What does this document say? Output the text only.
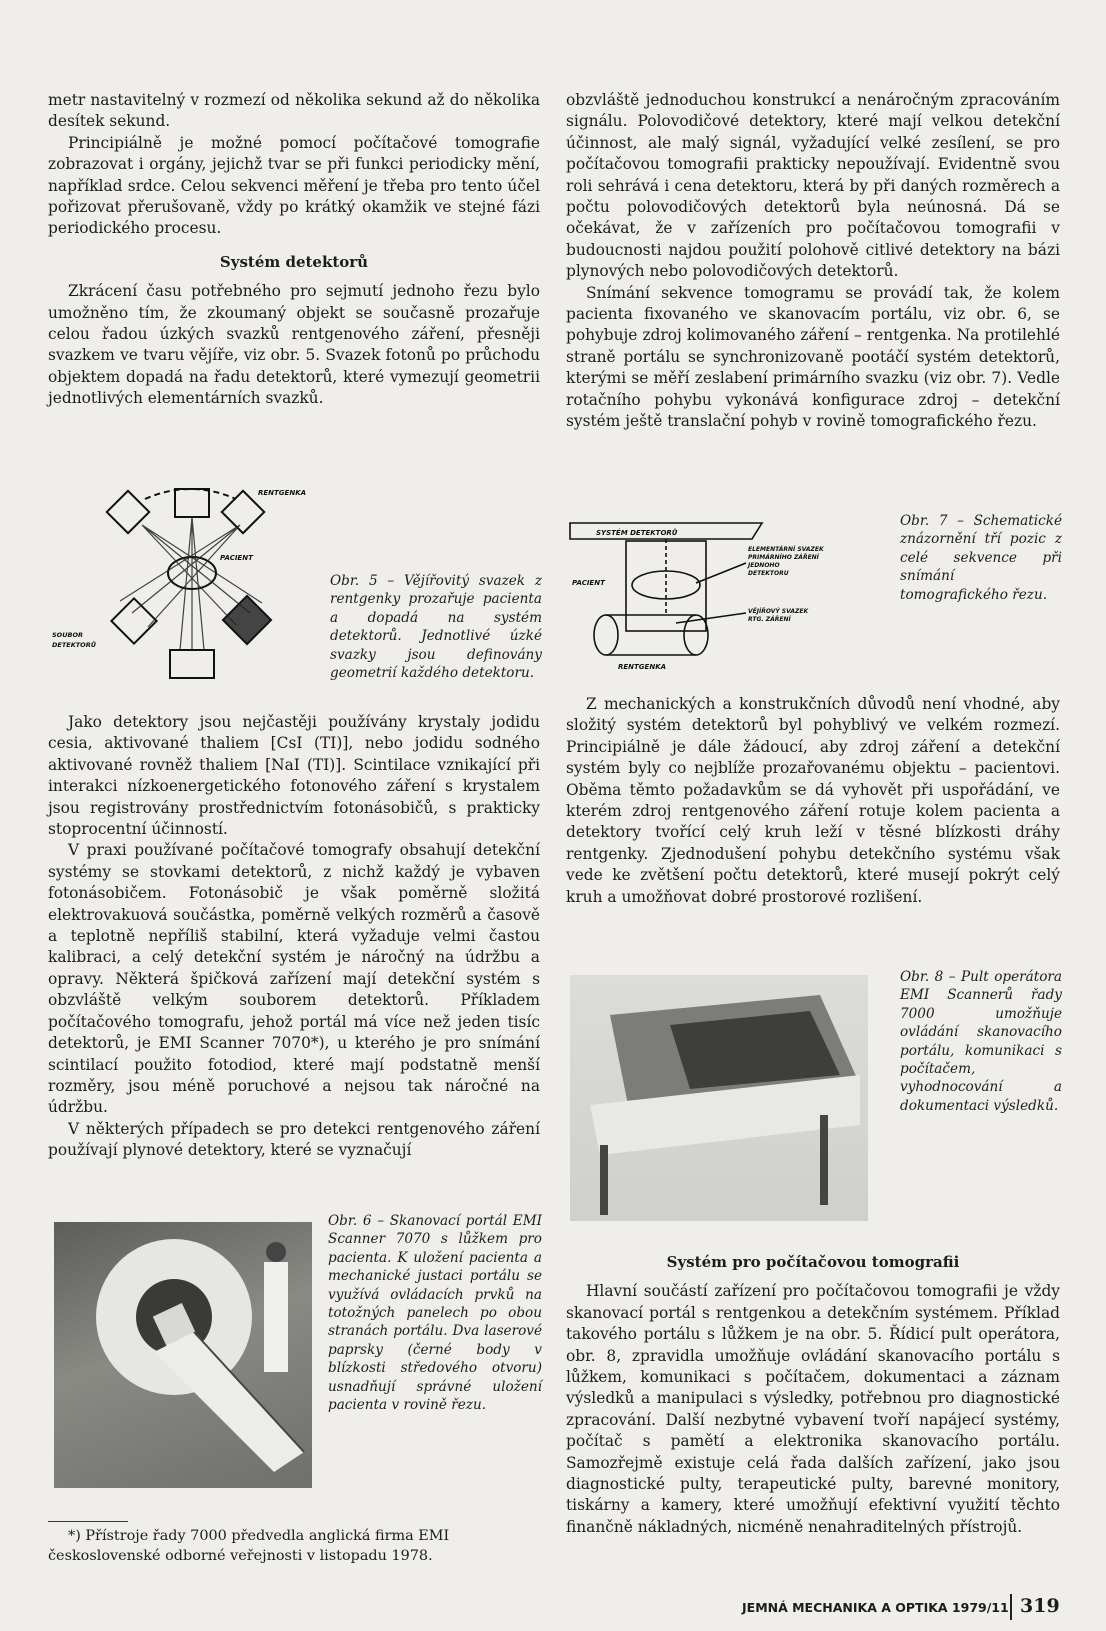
metr nastavitelný v rozmezí od několika sekund až do několika desítek sekund.

Principiálně je možné pomocí počítačové tomografie zobrazovat i orgány, jejichž tvar se při funkci periodicky mění, například srdce. Celou sekvenci měření je třeba pro tento účel pořizovat přerušovaně, vždy po krátký okamžik ve stejné fázi periodického procesu.

Systém detektorů

Zkrácení času potřebného pro sejmutí jednoho řezu bylo umožněno tím, že zkoumaný objekt se současně prozařuje celou řadou úzkých svazků rentgenového záření, přesněji svazkem ve tvaru vějíře, viz obr. 5. Svazek fotonů po průchodu objektem dopadá na řadu detektorů, které vymezují geometrii jednotlivých elementárních svazků.

RENTGENKA
PACIENT
SOUBOR
DETEKTORŮ
Obr. 5 – Vějířovitý svazek z rentgenky prozařuje pacienta a dopadá na systém detektorů. Jednotlivé úzké svazky jsou definovány geometrií každého detektoru.

Jako detektory jsou nejčastěji používány krystaly jodidu cesia, aktivované thaliem [CsI (TI)], nebo jodidu sodného aktivované rovněž thaliem [NaI (TI)]. Scintilace vznikající při interakci nízkoenergetického fotonového záření s krystalem jsou registrovány prostřednictvím fotonásobičů, s prakticky stoprocentní účinností.

V praxi používané počítačové tomografy obsahují detekční systémy se stovkami detektorů, z nichž každý je vybaven fotonásobičem. Fotonásobič je však poměrně složitá elektrovakuová součástka, poměrně velkých rozměrů a časově a teplotně nepříliš stabilní, která vyžaduje velmi častou kalibraci, a celý detekční systém je náročný na údržbu a opravy. Některá špičková zařízení mají detekční systém s obzvláště velkým souborem detektorů. Příkladem počítačového tomografu, jehož portál má více než jeden tisíc detektorů, je EMI Scanner 7070*), u kterého je pro snímání scintilací použito fotodiod, které mají podstatně menší rozměry, jsou méně poruchové a nejsou tak náročné na údržbu.

V některých případech se pro detekci rentgenového záření používají plynové detektory, které se vyznačují

Obr. 6 – Skanovací portál EMI Scanner 7070 s lůžkem pro pacienta. K uložení pacienta a mechanické justaci portálu se využívá ovládacích prvků na totožných panelech po obou stranách portálu. Dva laserové paprsky (černé body v blízkosti středového otvoru) usnadňují správné uložení pacienta v rovině řezu.
*) Přístroje řady 7000 předvedla anglická firma EMI československé odborné veřejnosti v listopadu 1978.

obzvláště jednoduchou konstrukcí a nenáročným zpracováním signálu. Polovodičové detektory, které mají velkou detekční účinnost, ale malý signál, vyžadující velké zesílení, se pro počítačovou tomografii prakticky nepoužívají. Evidentně svou roli sehrává i cena detektoru, která by při daných rozměrech a počtu polovodičových detektorů byla neúnosná. Dá se očekávat, že v zařízeních pro počítačovou tomografii v budoucnosti najdou použití polohově citlivé detektory na bázi plynových nebo polovodičových detektorů.

Snímání sekvence tomogramu se provádí tak, že kolem pacienta fixovaného ve skanovacím portálu, viz obr. 6, se pohybuje zdroj kolimovaného záření – rentgenka. Na protilehlé straně portálu se synchronizovaně pootáčí systém detektorů, kterými se měří zeslabení primárního svazku (viz obr. 7). Vedle rotačního pohybu vykonává konfigurace zdroj – detekční systém ještě translační pohyb v rovině tomografického řezu.

SYSTÉM DETEKTORŮ
ELEMENTÁRNÍ SVAZEK
PRIMÁRNÍHO ZÁŘENÍ
JEDNOHO
DETEKTORU
PACIENT
VĚJÍŘOVÝ SVAZEK
RTG. ZÁŘENÍ
RENTGENKA
Obr. 7 – Schematické znázornění tří pozic z celé sekvence při snímání tomografického řezu.

Z mechanických a konstrukčních důvodů není vhodné, aby složitý systém detektorů byl pohyblivý ve velkém rozmezí. Principiálně je dále žádoucí, aby zdroj záření a detekční systém byly co nejblíže prozařovanému objektu – pacientovi. Oběma těmto požadavkům se dá vyhovět při uspořádání, ve kterém zdroj rentgenového záření rotuje kolem pacienta a detektory tvořící celý kruh leží v těsné blízkosti dráhy rentgenky. Zjednodušení pohybu detekčního systému však vede ke zvětšení počtu detektorů, které musejí pokrýt celý kruh a umožňovat dobré prostorové rozlišení.

Obr. 8 – Pult operátora EMI Scannerů řady 7000 umožňuje ovládání skanovacího portálu, komunikaci s počítačem, vyhodnocování a dokumentaci výsledků.

Systém pro počítačovou tomografii

Hlavní součástí zařízení pro počítačovou tomografii je vždy skanovací portál s rentgenkou a detekčním systémem. Příklad takového portálu s lůžkem je na obr. 5. Řídicí pult operátora, obr. 8, zpravidla umožňuje ovládání skanovacího portálu s lůžkem, komunikaci s počítačem, dokumentaci a záznam výsledků a manipulaci s výsledky, potřebnou pro diagnostické zpracování. Další nezbytné vybavení tvoří napájecí systémy, počítač s pamětí a elektronika skanovacího portálu. Samozřejmě existuje celá řada dalších zařízení, jako jsou diagnostické pulty, terapeutické pulty, barevné monitory, tiskárny a kamery, které umožňují efektivní využití těchto finančně nákladných, nicméně nenahraditelných přístrojů.

JEMNÁ MECHANIKA A OPTIKA 1979/11 319
